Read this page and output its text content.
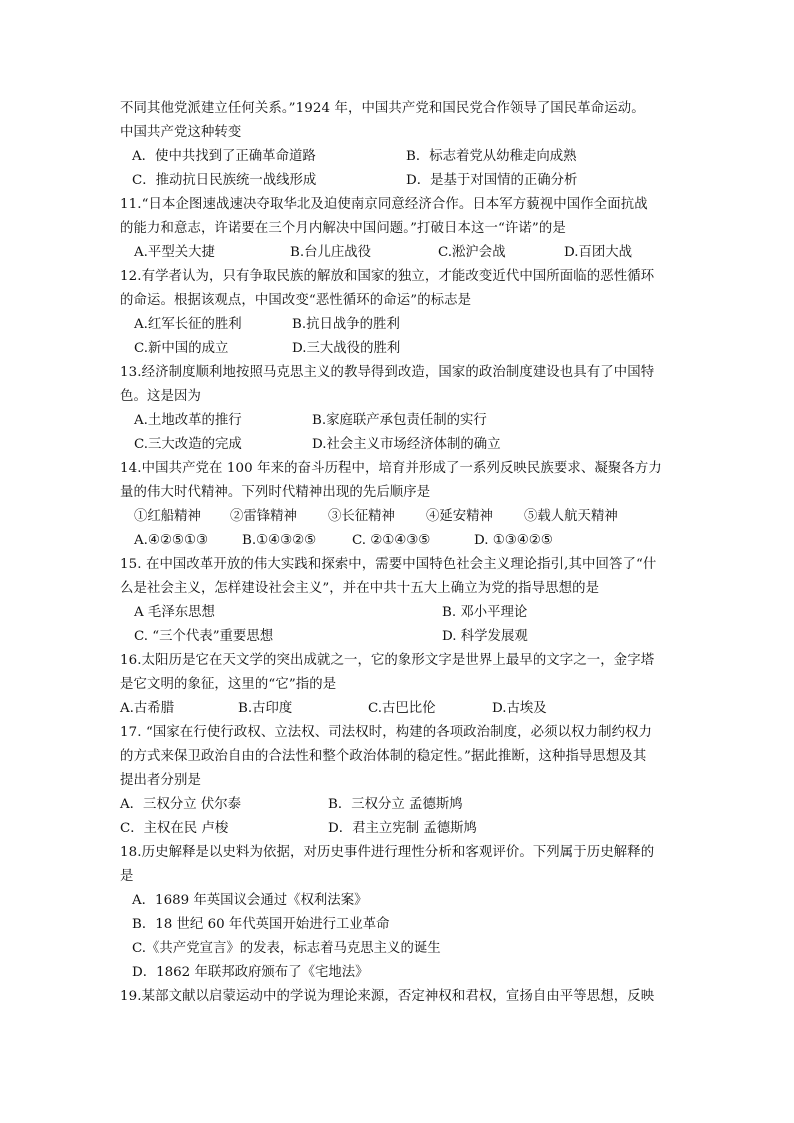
不同其他党派建立任何关系。”1924 年，中国共产党和国民党合作领导了国民革命运动。
中国共产党这种转变
A．使中共找到了正确革命道路	B．标志着党从幼稚走向成熟
C．推动抗日民族统一战线形成	D．是基于对国情的正确分析
11.“日本企图速战速决夺取华北及迫使南京同意经济合作。日本军方藐视中国作全面抗战
的能力和意志，许诺要在三个月内解决中国问题。”打破日本这一“许诺”的是
A.平型关大捷	B.台儿庄战役	C.淞沪会战	D.百团大战
12.有学者认为，只有争取民族的解放和国家的独立，才能改变近代中国所面临的恶性循环
的命运。根据该观点，中国改变“恶性循环的命运”的标志是
A.红军长征的胜利	B.抗日战争的胜利
C.新中国的成立	D.三大战役的胜利
13.经济制度顺利地按照马克思主义的教导得到改造，国家的政治制度建设也具有了中国特
色。这是因为
A.土地改革的推行	B.家庭联产承包责任制的实行
C.三大改造的完成	D.社会主义市场经济体制的确立
14.中国共产党在 100 年来的奋斗历程中，培育并形成了一系列反映民族要求、凝聚各方力
量的伟大时代精神。下列时代精神出现的先后顺序是
①红船精神 ②雷锋精神 ③长征精神 ④延安精神 ⑤载人航天精神
A.④②⑤①③	B.①④③②⑤	C. ②①④③⑤	D. ①③④②⑤
15. 在中国改革开放的伟大实践和探索中，需要中国特色社会主义理论指引,其中回答了“什
么是社会主义，怎样建设社会主义”，并在中共十五大上确立为党的指导思想的是
A 毛泽东思想	B. 邓小平理论
C. “三个代表”重要思想	D. 科学发展观
16.太阳历是它在天文学的突出成就之一，它的象形文字是世界上最早的文字之一，金字塔
是它文明的象征，这里的“它”指的是
A.古希腊	B.古印度	C.古巴比伦	D.古埃及
17. “国家在行使行政权、立法权、司法权时，构建的各项政治制度，必须以权力制约权力
的方式来保卫政治自由的合法性和整个政治体制的稳定性。”据此推断，这种指导思想及其
提出者分别是
A．三权分立 伏尔泰	B．三权分立 孟德斯鸠
C．主权在民 卢梭	D．君主立宪制 孟德斯鸠
18.历史解释是以史料为依据，对历史事件进行理性分析和客观评价。下列属于历史解释的
是
A．1689 年英国议会通过《权利法案》
B．18 世纪 60 年代英国开始进行工业革命
C.《共产党宣言》的发表，标志着马克思主义的诞生
D．1862 年联邦政府颁布了《宅地法》
19.某部文献以启蒙运动中的学说为理论来源，否定神权和君权，宣扬自由平等思想，反映
